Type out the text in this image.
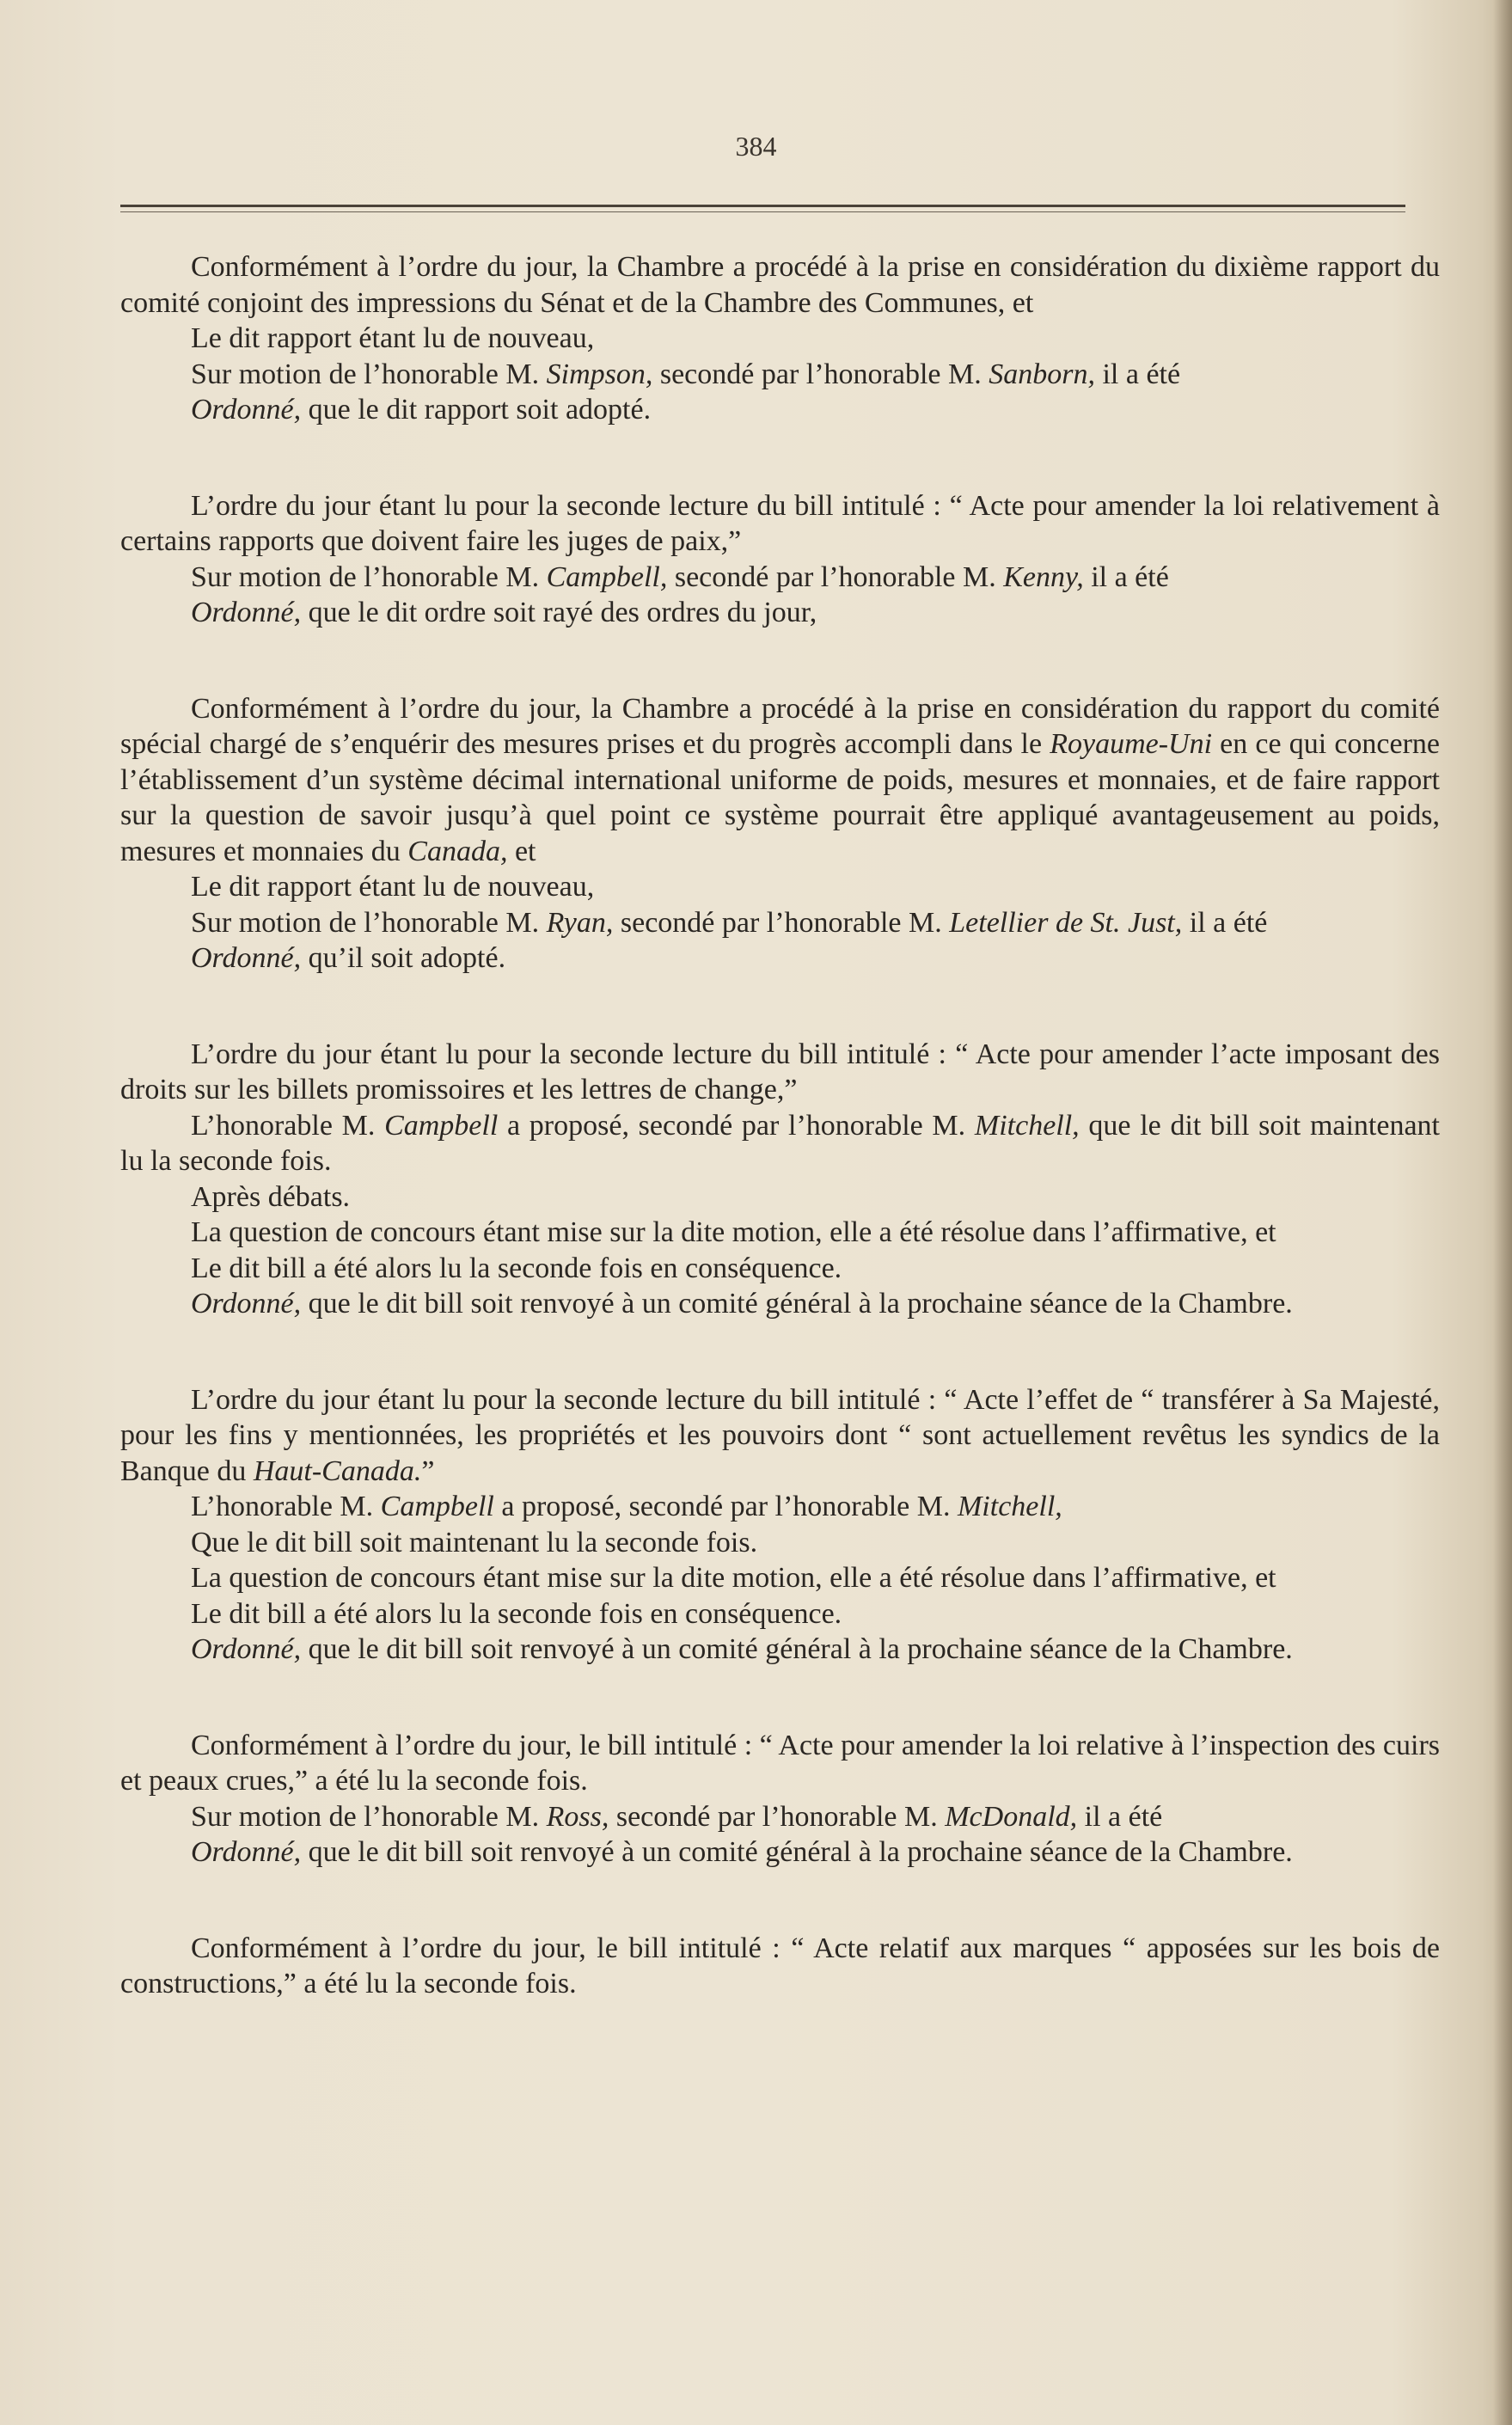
384

Conformément à l’ordre du jour, la Chambre a procédé à la prise en considération du dixième rapport du comité conjoint des impressions du Sénat et de la Chambre des Communes, et

Le dit rapport étant lu de nouveau,

Sur motion de l’honorable M. Simpson, secondé par l’honorable M. Sanborn, il a été

Ordonné, que le dit rapport soit adopté.

L’ordre du jour étant lu pour la seconde lecture du bill intitulé : “ Acte pour amender la loi relativement à certains rapports que doivent faire les juges de paix,”

Sur motion de l’honorable M. Campbell, secondé par l’honorable M. Kenny, il a été

Ordonné, que le dit ordre soit rayé des ordres du jour,

Conformément à l’ordre du jour, la Chambre a procédé à la prise en considération du rapport du comité spécial chargé de s’enquérir des mesures prises et du progrès accompli dans le Royaume-Uni en ce qui concerne l’établissement d’un système décimal international uniforme de poids, mesures et monnaies, et de faire rapport sur la question de savoir jusqu’à quel point ce système pourrait être appliqué avantageusement au poids, mesures et monnaies du Canada, et

Le dit rapport étant lu de nouveau,

Sur motion de l’honorable M. Ryan, secondé par l’honorable M. Letellier de St. Just, il a été

Ordonné, qu’il soit adopté.

L’ordre du jour étant lu pour la seconde lecture du bill intitulé : “ Acte pour amender l’acte imposant des droits sur les billets promissoires et les lettres de change,”

L’honorable M. Campbell a proposé, secondé par l’honorable M. Mitchell, que le dit bill soit maintenant lu la seconde fois.

Après débats.

La question de concours étant mise sur la dite motion, elle a été résolue dans l’affirmative, et

Le dit bill a été alors lu la seconde fois en conséquence.

Ordonné, que le dit bill soit renvoyé à un comité général à la prochaine séance de la Chambre.

L’ordre du jour étant lu pour la seconde lecture du bill intitulé : “ Acte l’effet de “ transférer à Sa Majesté, pour les fins y mentionnées, les propriétés et les pouvoirs dont “ sont actuellement revêtus les syndics de la Banque du Haut-Canada.”

L’honorable M. Campbell a proposé, secondé par l’honorable M. Mitchell,

Que le dit bill soit maintenant lu la seconde fois.

La question de concours étant mise sur la dite motion, elle a été résolue dans l’affirmative, et

Le dit bill a été alors lu la seconde fois en conséquence.

Ordonné, que le dit bill soit renvoyé à un comité général à la prochaine séance de la Chambre.

Conformément à l’ordre du jour, le bill intitulé : “ Acte pour amender la loi relative à l’inspection des cuirs et peaux crues,” a été lu la seconde fois.

Sur motion de l’honorable M. Ross, secondé par l’honorable M. McDonald, il a été

Ordonné, que le dit bill soit renvoyé à un comité général à la prochaine séance de la Chambre.

Conformément à l’ordre du jour, le bill intitulé : “ Acte relatif aux marques “ apposées sur les bois de constructions,” a été lu la seconde fois.
